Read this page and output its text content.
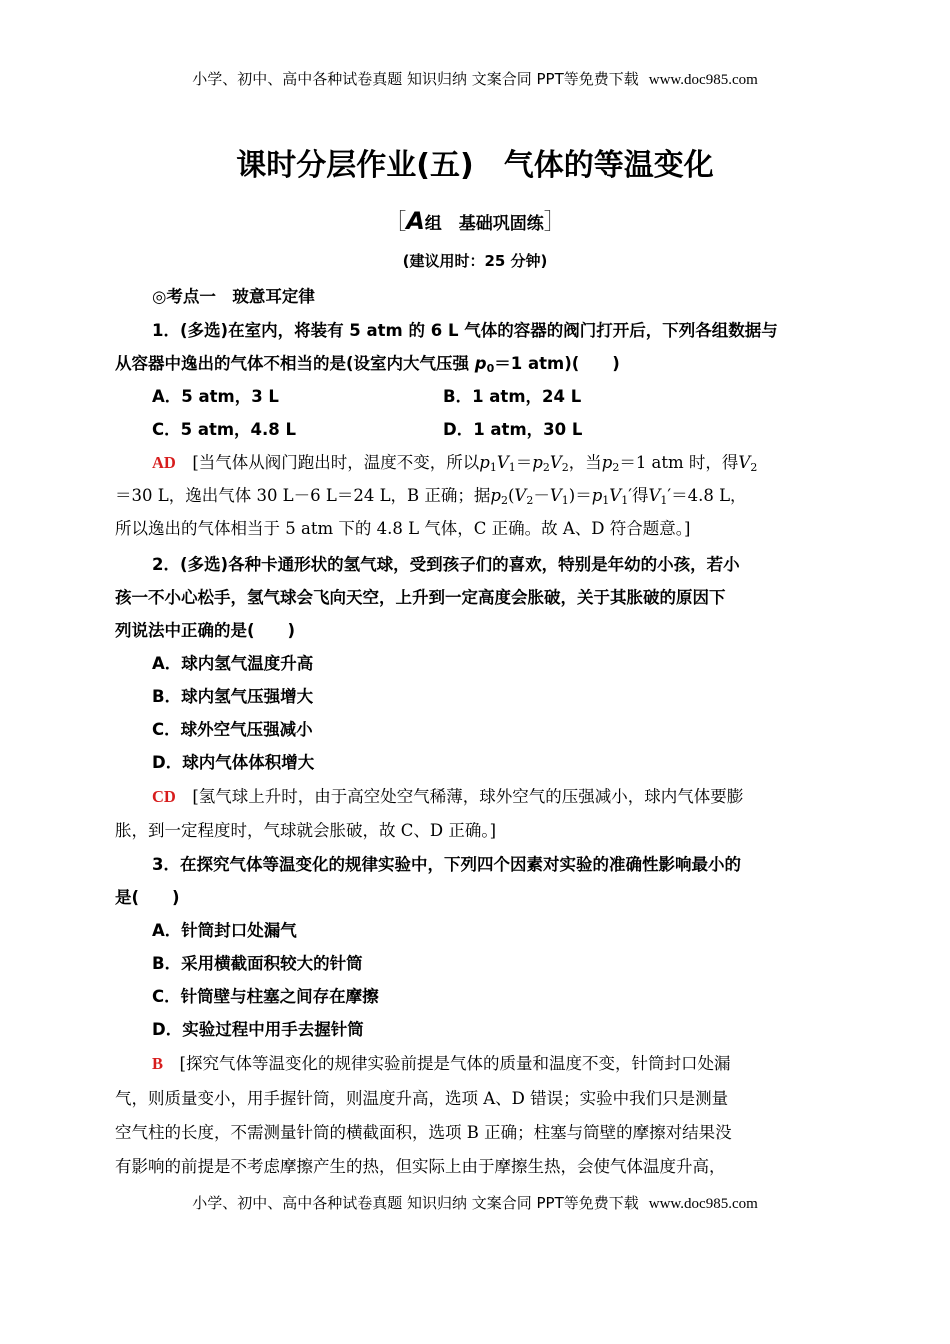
小学、初中、高中各种试卷真题 知识归纳 文案合同 PPT等免费下载 www.doc985.com
课时分层作业(五)　气体的等温变化
［A组　基础巩固练］
(建议用时：25 分钟)
◎考点一　玻意耳定律
1．(多选)在室内，将装有 5 atm 的 6 L 气体的容器的阀门打开后，下列各组数据与
从容器中逸出的气体不相当的是(设室内大气压强 $p_0=1$ atm)(　　)
A．5 atm，3 L	B．1 atm，24 L
C．5 atm，4.8 L	D．1 atm，30 L
AD　 [当气体从阀门跑出时，温度不变，所以$p_1V_1=p_2V_2$，当$p_2=1$ atm 时，得$V_2$
＝30 L，逸出气体 30 L－6 L＝24 L，B 正确；据$p_2(V_2-V_1)=p_1V_1'$得$V_1'=4.8$ L，
所以逸出的气体相当于 5 atm 下的 4.8 L 气体，C 正确。故 A、D 符合题意。]
2．(多选)各种卡通形状的氢气球，受到孩子们的喜欢，特别是年幼的小孩，若小
孩一不小心松手，氢气球会飞向天空，上升到一定高度会胀破，关于其胀破的原因下
列说法中正确的是(　　)
A．球内氢气温度升高
B．球内氢气压强增大
C．球外空气压强减小
D．球内气体体积增大
CD　 [氢气球上升时，由于高空处空气稀薄，球外空气的压强减小，球内气体要膨
胀，到一定程度时，气球就会胀破，故 C、D 正确。]
3．在探究气体等温变化的规律实验中，下列四个因素对实验的准确性影响最小的
是(　　)
A．针筒封口处漏气
B．采用横截面积较大的针筒
C．针筒壁与柱塞之间存在摩擦
D．实验过程中用手去握针筒
B　 [探究气体等温变化的规律实验前提是气体的质量和温度不变，针筒封口处漏
气，则质量变小，用手握针筒，则温度升高，选项 A、D 错误；实验中我们只是测量
空气柱的长度，不需测量针筒的横截面积，选项 B 正确；柱塞与筒壁的摩擦对结果没
有影响的前提是不考虑摩擦产生的热，但实际上由于摩擦生热，会使气体温度升高，
小学、初中、高中各种试卷真题 知识归纳 文案合同 PPT等免费下载 www.doc985.com
